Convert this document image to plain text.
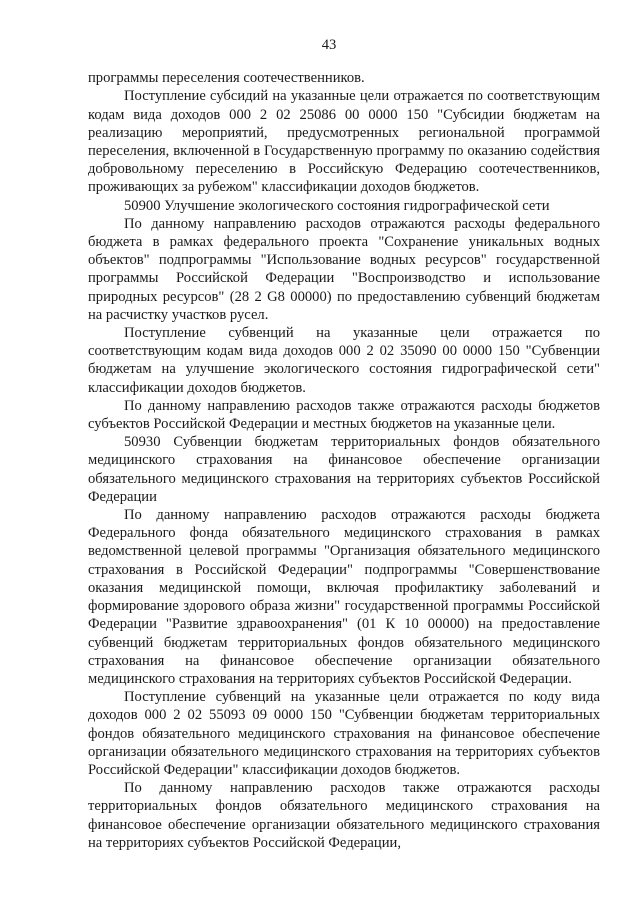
43

программы переселения соотечественников.

Поступление субсидий на указанные цели отражается по соответствующим кодам вида доходов 000 2 02 25086 00 0000 150 "Субсидии бюджетам на реализацию мероприятий, предусмотренных региональной программой переселения, включенной в Государственную программу по оказанию содействия добровольному переселению в Российскую Федерацию соотечественников, проживающих за рубежом" классификации доходов бюджетов.

50900 Улучшение экологического состояния гидрографической сети

По данному направлению расходов отражаются расходы федерального бюджета в рамках федерального проекта "Сохранение уникальных водных объектов" подпрограммы "Использование водных ресурсов" государственной программы Российской Федерации "Воспроизводство и использование природных ресурсов" (28 2 G8 00000) по предоставлению субвенций бюджетам на расчистку участков русел.

Поступление субвенций на указанные цели отражается по соответствующим кодам вида доходов 000 2 02 35090 00 0000 150 "Субвенции бюджетам на улучшение экологического состояния гидрографической сети" классификации доходов бюджетов.

По данному направлению расходов также отражаются расходы бюджетов субъектов Российской Федерации и местных бюджетов на указанные цели.

50930 Субвенции бюджетам территориальных фондов обязательного медицинского страхования на финансовое обеспечение организации обязательного медицинского страхования на территориях субъектов Российской Федерации

По данному направлению расходов отражаются расходы бюджета Федерального фонда обязательного медицинского страхования в рамках ведомственной целевой программы "Организация обязательного медицинского страхования в Российской Федерации" подпрограммы "Совершенствование оказания медицинской помощи, включая профилактику заболеваний и формирование здорового образа жизни" государственной программы Российской Федерации "Развитие здравоохранения" (01 К 10 00000) на предоставление субвенций бюджетам территориальных фондов обязательного медицинского страхования на финансовое обеспечение организации обязательного медицинского страхования на территориях субъектов Российской Федерации.

Поступление субвенций на указанные цели отражается по коду вида доходов 000 2 02 55093 09 0000 150 "Субвенции бюджетам территориальных фондов обязательного медицинского страхования на финансовое обеспечение организации обязательного медицинского страхования на территориях субъектов Российской Федерации" классификации доходов бюджетов.

По данному направлению расходов также отражаются расходы территориальных фондов обязательного медицинского страхования на финансовое обеспечение организации обязательного медицинского страхования на территориях субъектов Российской Федерации,
